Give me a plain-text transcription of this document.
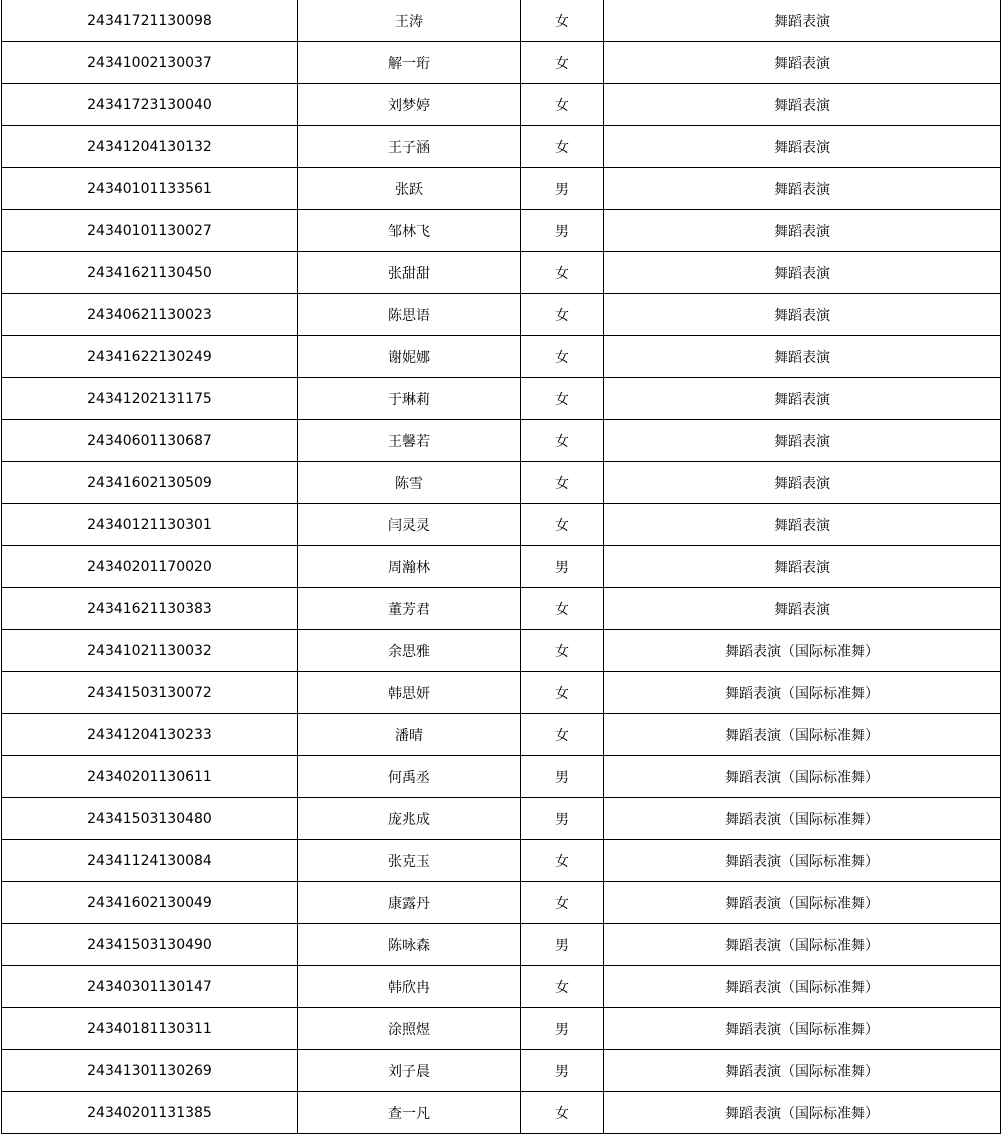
24341721130098	王涛	女	舞蹈表演
24341002130037	解一珩	女	舞蹈表演
24341723130040	刘梦婷	女	舞蹈表演
24341204130132	王子涵	女	舞蹈表演
24340101133561	张跃	男	舞蹈表演
24340101130027	邹林飞	男	舞蹈表演
24341621130450	张甜甜	女	舞蹈表演
24340621130023	陈思语	女	舞蹈表演
24341622130249	谢妮娜	女	舞蹈表演
24341202131175	于琳莉	女	舞蹈表演
24340601130687	王馨若	女	舞蹈表演
24341602130509	陈雪	女	舞蹈表演
24340121130301	闫灵灵	女	舞蹈表演
24340201170020	周瀚林	男	舞蹈表演
24341621130383	董芳君	女	舞蹈表演
24341021130032	余思雅	女	舞蹈表演（国际标准舞）
24341503130072	韩思妍	女	舞蹈表演（国际标准舞）
24341204130233	潘晴	女	舞蹈表演（国际标准舞）
24340201130611	何禹丞	男	舞蹈表演（国际标准舞）
24341503130480	庞兆成	男	舞蹈表演（国际标准舞）
24341124130084	张克玉	女	舞蹈表演（国际标准舞）
24341602130049	康露丹	女	舞蹈表演（国际标准舞）
24341503130490	陈咏森	男	舞蹈表演（国际标准舞）
24340301130147	韩欣冉	女	舞蹈表演（国际标准舞）
24340181130311	涂照煜	男	舞蹈表演（国际标准舞）
24341301130269	刘子晨	男	舞蹈表演（国际标准舞）
24340201131385	查一凡	女	舞蹈表演（国际标准舞）
